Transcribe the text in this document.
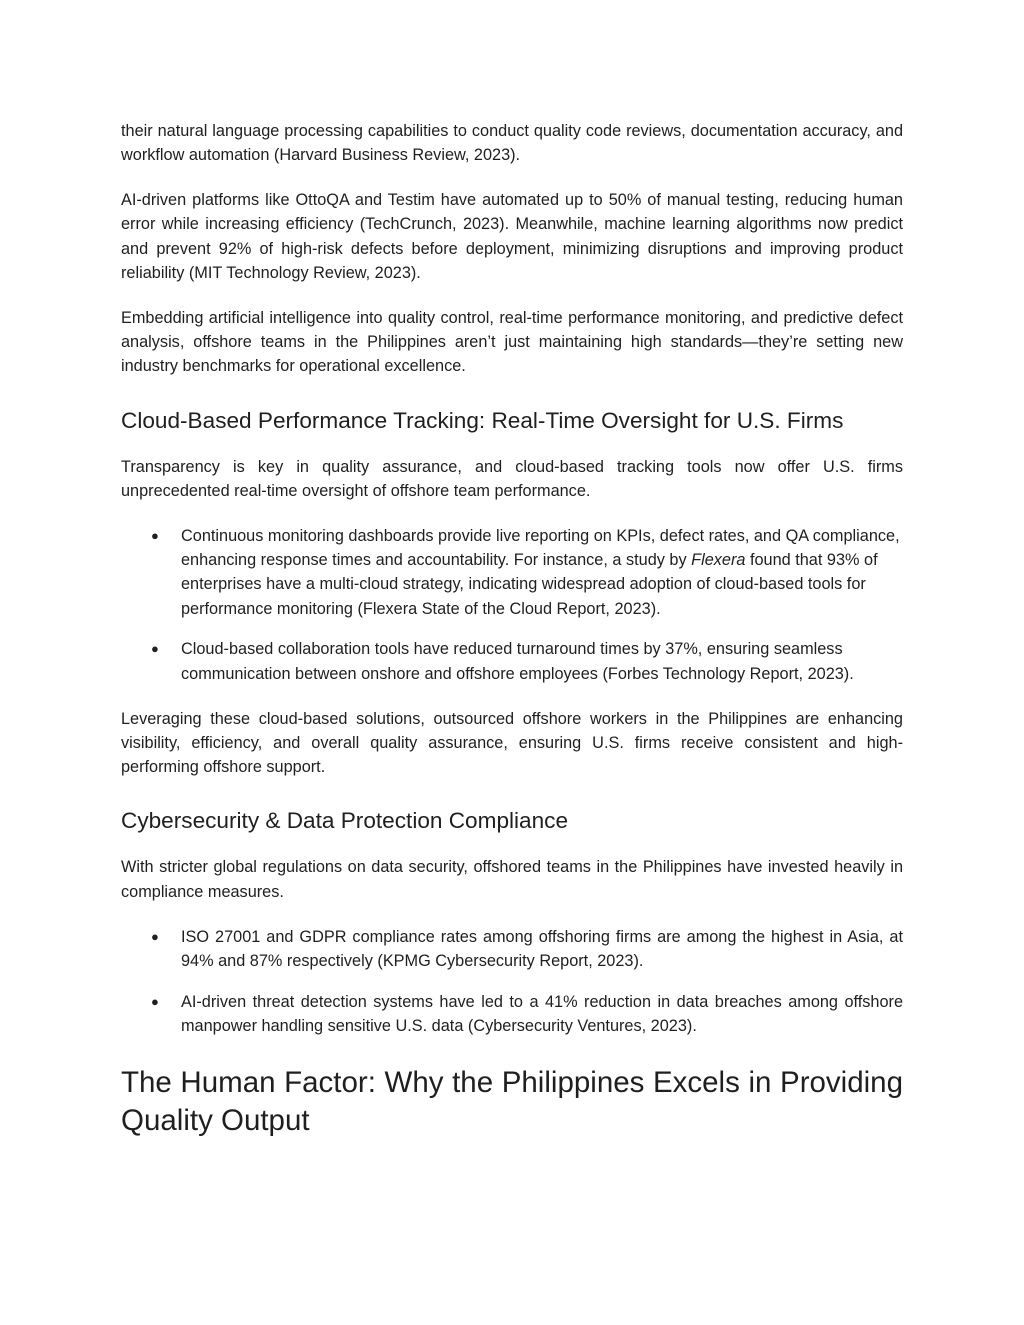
their natural language processing capabilities to conduct quality code reviews, documentation accuracy, and workflow automation (Harvard Business Review, 2023).

AI-driven platforms like OttoQA and Testim have automated up to 50% of manual testing, reducing human error while increasing efficiency (TechCrunch, 2023). Meanwhile, machine learning algorithms now predict and prevent 92% of high-risk defects before deployment, minimizing disruptions and improving product reliability (MIT Technology Review, 2023).

Embedding artificial intelligence into quality control, real-time performance monitoring, and predictive defect analysis, offshore teams in the Philippines aren’t just maintaining high standards—they’re setting new industry benchmarks for operational excellence.

Cloud-Based Performance Tracking: Real-Time Oversight for U.S. Firms

Transparency is key in quality assurance, and cloud-based tracking tools now offer U.S. firms unprecedented real-time oversight of offshore team performance.

● Continuous monitoring dashboards provide live reporting on KPIs, defect rates, and QA compliance, enhancing response times and accountability. For instance, a study by Flexera found that 93% of enterprises have a multi-cloud strategy, indicating widespread adoption of cloud-based tools for performance monitoring (Flexera State of the Cloud Report, 2023).
● Cloud-based collaboration tools have reduced turnaround times by 37%, ensuring seamless communication between onshore and offshore employees (Forbes Technology Report, 2023).

Leveraging these cloud-based solutions, outsourced offshore workers in the Philippines are enhancing visibility, efficiency, and overall quality assurance, ensuring U.S. firms receive consistent and high-performing offshore support.

Cybersecurity & Data Protection Compliance

With stricter global regulations on data security, offshored teams in the Philippines have invested heavily in compliance measures.

● ISO 27001 and GDPR compliance rates among offshoring firms are among the highest in Asia, at 94% and 87% respectively (KPMG Cybersecurity Report, 2023).
● AI-driven threat detection systems have led to a 41% reduction in data breaches among offshore manpower handling sensitive U.S. data (Cybersecurity Ventures, 2023).
The Human Factor: Why the Philippines Excels in Providing Quality Output
